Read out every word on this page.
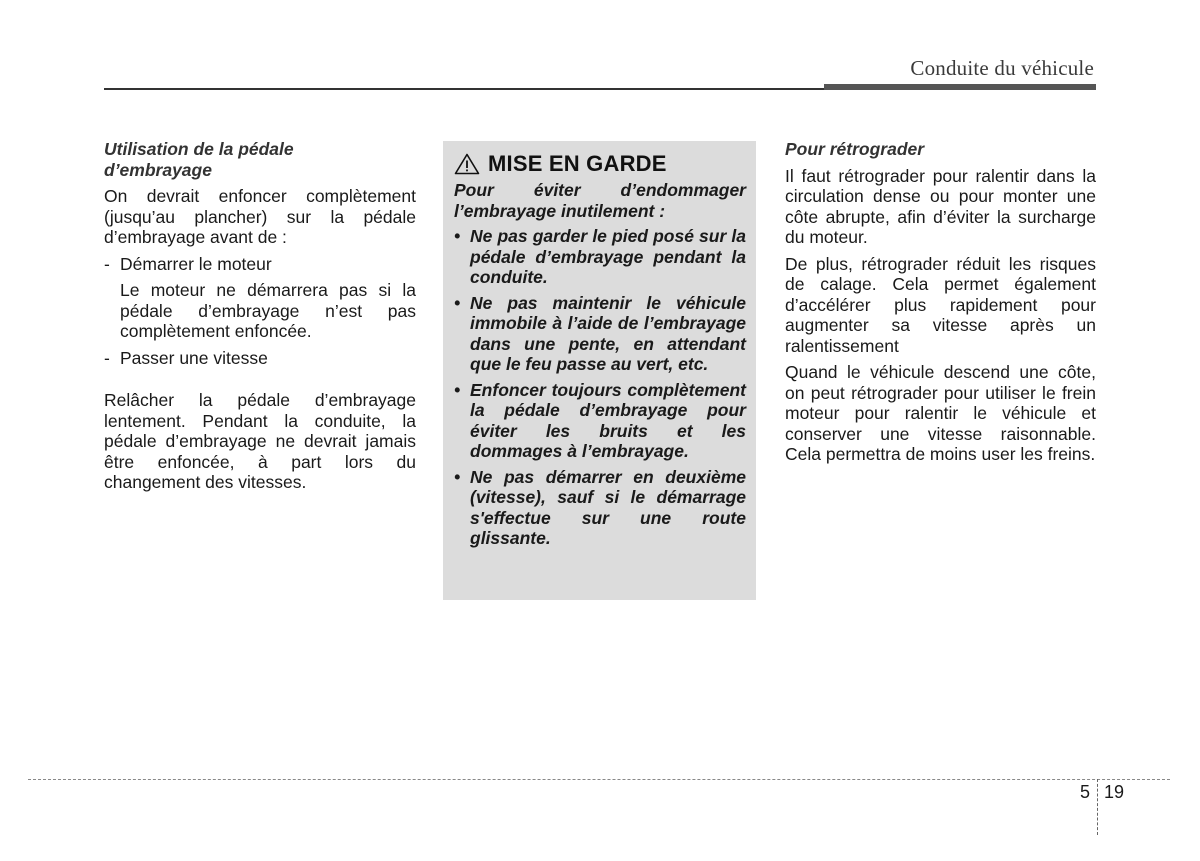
Conduite du véhicule

Utilisation de la pédale
d’embrayage

On devrait enfoncer complètement (jusqu’au plancher) sur la pédale d’embrayage avant de :

- Démarrer le moteur

Le moteur ne démarrera pas si la pédale d’embrayage n’est pas complètement enfoncée.

- Passer une vitesse

Relâcher la pédale d’embrayage lentement. Pendant la conduite, la pédale d’embrayage ne devrait jamais être enfoncée, à part lors du changement des vitesses.

MISE EN GARDE

Pour éviter d’endommager l’embrayage inutilement :

• Ne pas garder le pied posé sur la pédale d’embrayage pendant la conduite.
• Ne pas maintenir le véhicule immobile à l’aide de l’embrayage dans une pente, en attendant que le feu passe au vert, etc.
• Enfoncer toujours complètement la pédale d’embrayage pour éviter les bruits et les dommages à l’embrayage.
• Ne pas démarrer en deuxième (vitesse), sauf si le démarrage s'effectue sur une route glissante.

Pour rétrograder

Il faut rétrograder pour ralentir dans la circulation dense ou pour monter une côte abrupte, afin d’éviter la surcharge du moteur.

De plus, rétrograder réduit les risques de calage. Cela permet également d’accélérer plus rapidement pour augmenter sa vitesse après un ralentissement

Quand le véhicule descend une côte, on peut rétrograder pour utiliser le frein moteur pour ralentir le véhicule et conserver une vitesse raisonnable. Cela permettra de moins user les freins.

5 19
